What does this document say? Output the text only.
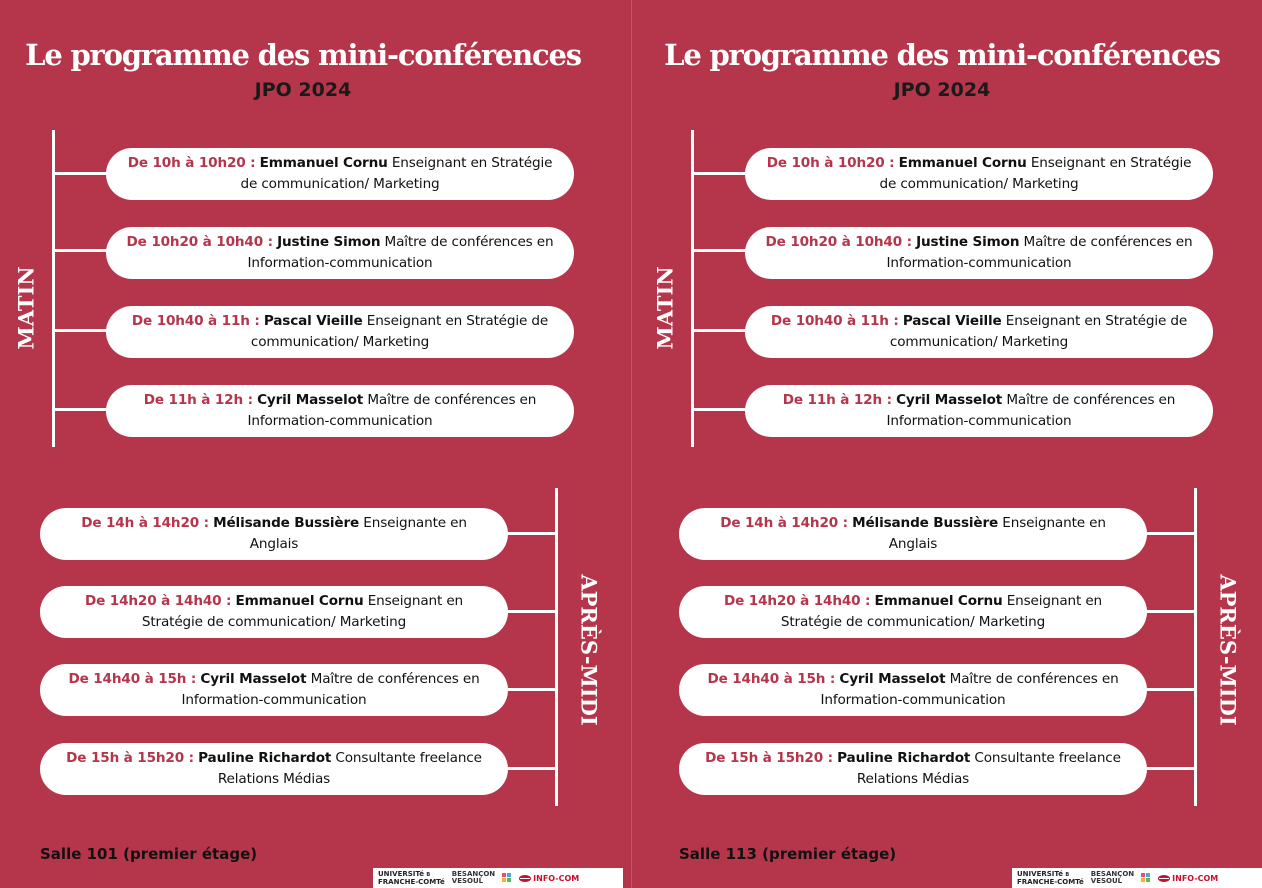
Le programme des mini-conférences
JPO 2024
MATIN
De 10h à 10h20 : Emmanuel Cornu Enseignant en Stratégie
de communication/ Marketing
De 10h20 à 10h40 : Justine Simon Maître de conférences en
Information-communication
De 10h40 à 11h : Pascal Vieille Enseignant en Stratégie de
communication/ Marketing
De 11h à 12h : Cyril Masselot Maître de conférences en
Information-communication
APRÈS-MIDI
De 14h à 14h20 : Mélisande Bussière Enseignante en
Anglais
De 14h20 à 14h40 : Emmanuel Cornu Enseignant en
Stratégie de communication/ Marketing
De 14h40 à 15h : Cyril Masselot Maître de conférences en
Information-communication
De 15h à 15h20 : Pauline Richardot Consultante freelance
Relations Médias
Salle 101 (premier étage)
UNIVERSITé B
FRANCHE-COMTé
BESANÇON
VESOUL	INFO-COM
Le programme des mini-conférences
JPO 2024
MATIN
De 10h à 10h20 : Emmanuel Cornu Enseignant en Stratégie
de communication/ Marketing
De 10h20 à 10h40 : Justine Simon Maître de conférences en
Information-communication
De 10h40 à 11h : Pascal Vieille Enseignant en Stratégie de
communication/ Marketing
De 11h à 12h : Cyril Masselot Maître de conférences en
Information-communication
APRÈS-MIDI
De 14h à 14h20 : Mélisande Bussière Enseignante en
Anglais
De 14h20 à 14h40 : Emmanuel Cornu Enseignant en
Stratégie de communication/ Marketing
De 14h40 à 15h : Cyril Masselot Maître de conférences en
Information-communication
De 15h à 15h20 : Pauline Richardot Consultante freelance
Relations Médias
Salle 113 (premier étage)
UNIVERSITé B
FRANCHE-COMTé
BESANÇON
VESOUL	INFO-COM
